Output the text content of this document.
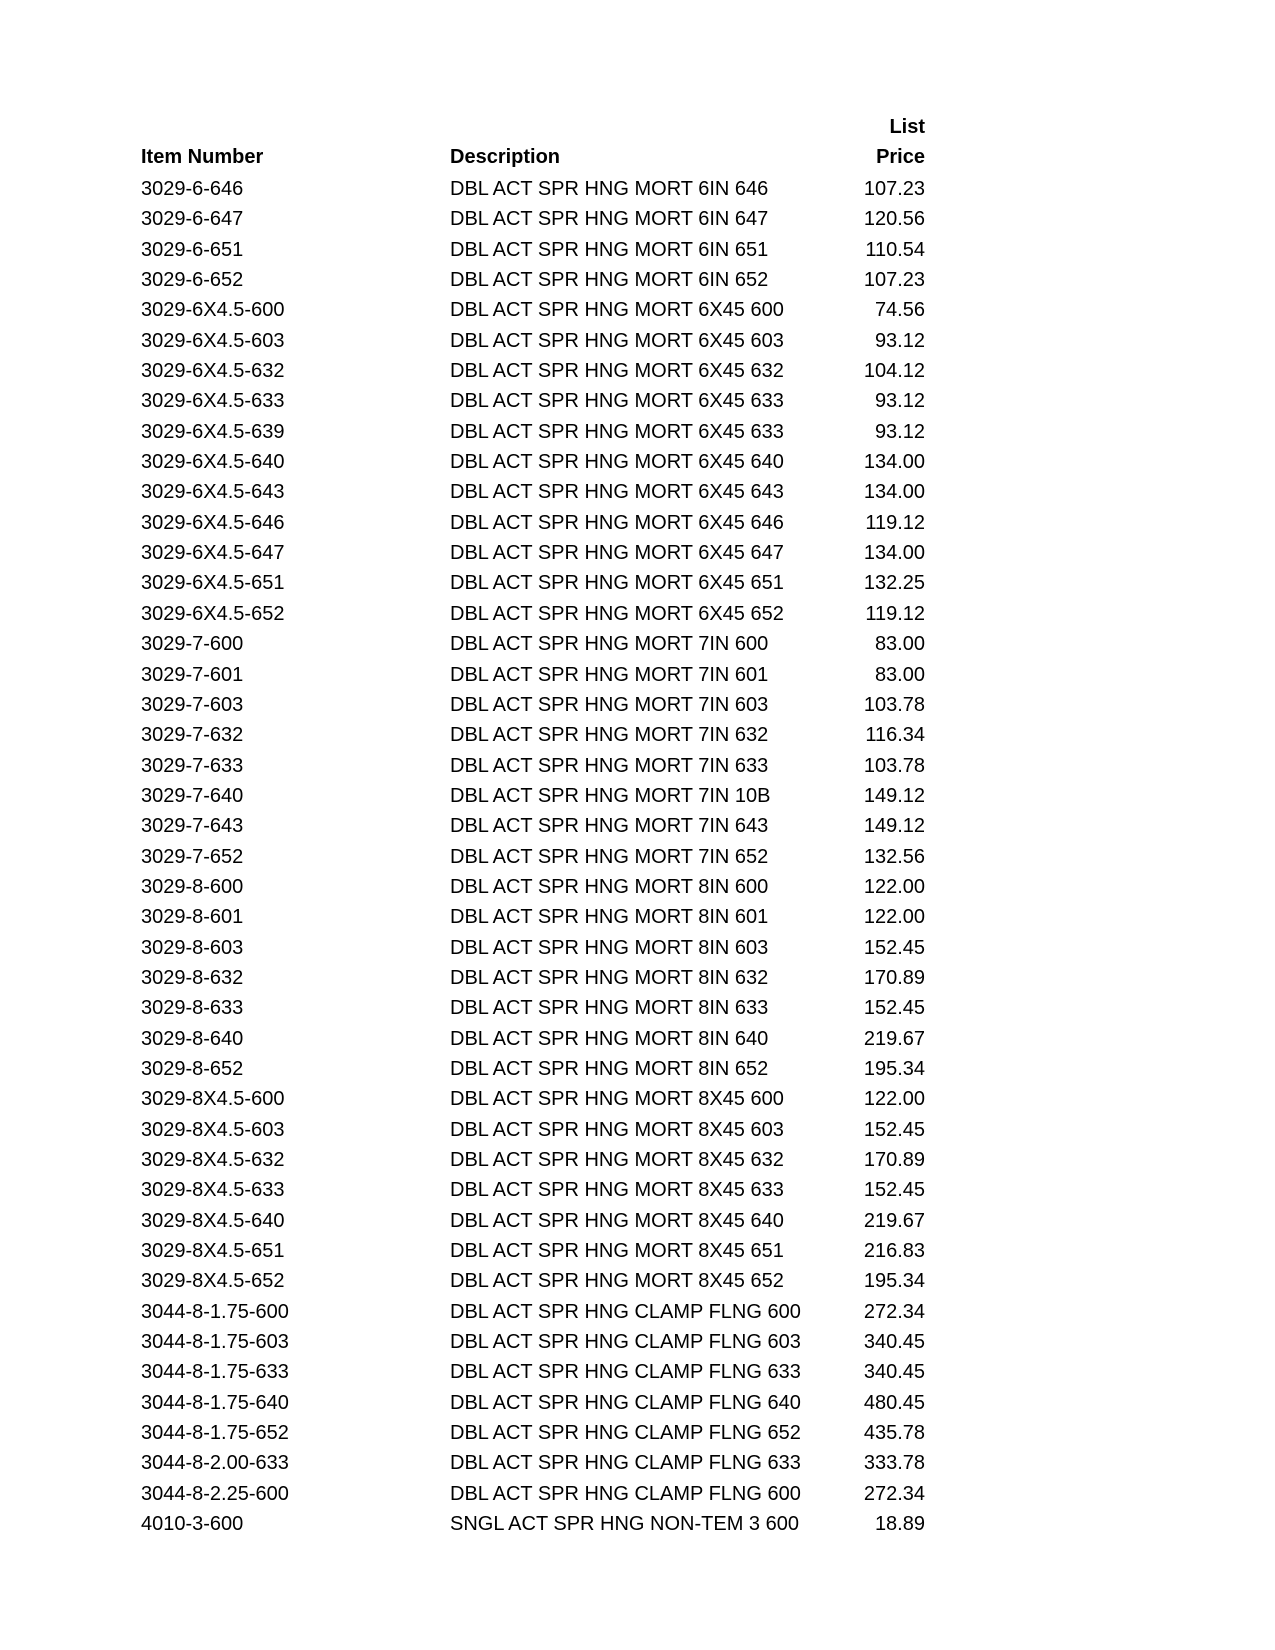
Item Number	Description
List
Price
3029-6-646	DBL ACT SPR HNG MORT 6IN 646	107.23
3029-6-647	DBL ACT SPR HNG MORT 6IN 647	120.56
3029-6-651	DBL ACT SPR HNG MORT 6IN 651	110.54
3029-6-652	DBL ACT SPR HNG MORT 6IN 652	107.23
3029-6X4.5-600	DBL ACT SPR HNG MORT 6X45 600	74.56
3029-6X4.5-603	DBL ACT SPR HNG MORT 6X45 603	93.12
3029-6X4.5-632	DBL ACT SPR HNG MORT 6X45 632	104.12
3029-6X4.5-633	DBL ACT SPR HNG MORT 6X45 633	93.12
3029-6X4.5-639	DBL ACT SPR HNG MORT 6X45 633	93.12
3029-6X4.5-640	DBL ACT SPR HNG MORT 6X45 640	134.00
3029-6X4.5-643	DBL ACT SPR HNG MORT 6X45 643	134.00
3029-6X4.5-646	DBL ACT SPR HNG MORT 6X45 646	119.12
3029-6X4.5-647	DBL ACT SPR HNG MORT 6X45 647	134.00
3029-6X4.5-651	DBL ACT SPR HNG MORT 6X45 651	132.25
3029-6X4.5-652	DBL ACT SPR HNG MORT 6X45 652	119.12
3029-7-600	DBL ACT SPR HNG MORT 7IN 600	83.00
3029-7-601	DBL ACT SPR HNG MORT 7IN 601	83.00
3029-7-603	DBL ACT SPR HNG MORT 7IN 603	103.78
3029-7-632	DBL ACT SPR HNG MORT 7IN 632	116.34
3029-7-633	DBL ACT SPR HNG MORT 7IN 633	103.78
3029-7-640	DBL ACT SPR HNG MORT 7IN 10B	149.12
3029-7-643	DBL ACT SPR HNG MORT 7IN 643	149.12
3029-7-652	DBL ACT SPR HNG MORT 7IN 652	132.56
3029-8-600	DBL ACT SPR HNG MORT 8IN 600	122.00
3029-8-601	DBL ACT SPR HNG MORT 8IN 601	122.00
3029-8-603	DBL ACT SPR HNG MORT 8IN 603	152.45
3029-8-632	DBL ACT SPR HNG MORT 8IN 632	170.89
3029-8-633	DBL ACT SPR HNG MORT 8IN 633	152.45
3029-8-640	DBL ACT SPR HNG MORT 8IN 640	219.67
3029-8-652	DBL ACT SPR HNG MORT 8IN 652	195.34
3029-8X4.5-600	DBL ACT SPR HNG MORT 8X45 600	122.00
3029-8X4.5-603	DBL ACT SPR HNG MORT 8X45 603	152.45
3029-8X4.5-632	DBL ACT SPR HNG MORT 8X45 632	170.89
3029-8X4.5-633	DBL ACT SPR HNG MORT 8X45 633	152.45
3029-8X4.5-640	DBL ACT SPR HNG MORT 8X45 640	219.67
3029-8X4.5-651	DBL ACT SPR HNG MORT 8X45 651	216.83
3029-8X4.5-652	DBL ACT SPR HNG MORT 8X45 652	195.34
3044-8-1.75-600	DBL ACT SPR HNG CLAMP FLNG 600	272.34
3044-8-1.75-603	DBL ACT SPR HNG CLAMP FLNG 603	340.45
3044-8-1.75-633	DBL ACT SPR HNG CLAMP FLNG 633	340.45
3044-8-1.75-640	DBL ACT SPR HNG CLAMP FLNG 640	480.45
3044-8-1.75-652	DBL ACT SPR HNG CLAMP FLNG 652	435.78
3044-8-2.00-633	DBL ACT SPR HNG CLAMP FLNG 633	333.78
3044-8-2.25-600	DBL ACT SPR HNG CLAMP FLNG 600	272.34
4010-3-600	SNGL ACT SPR HNG NON-TEM 3 600	18.89
